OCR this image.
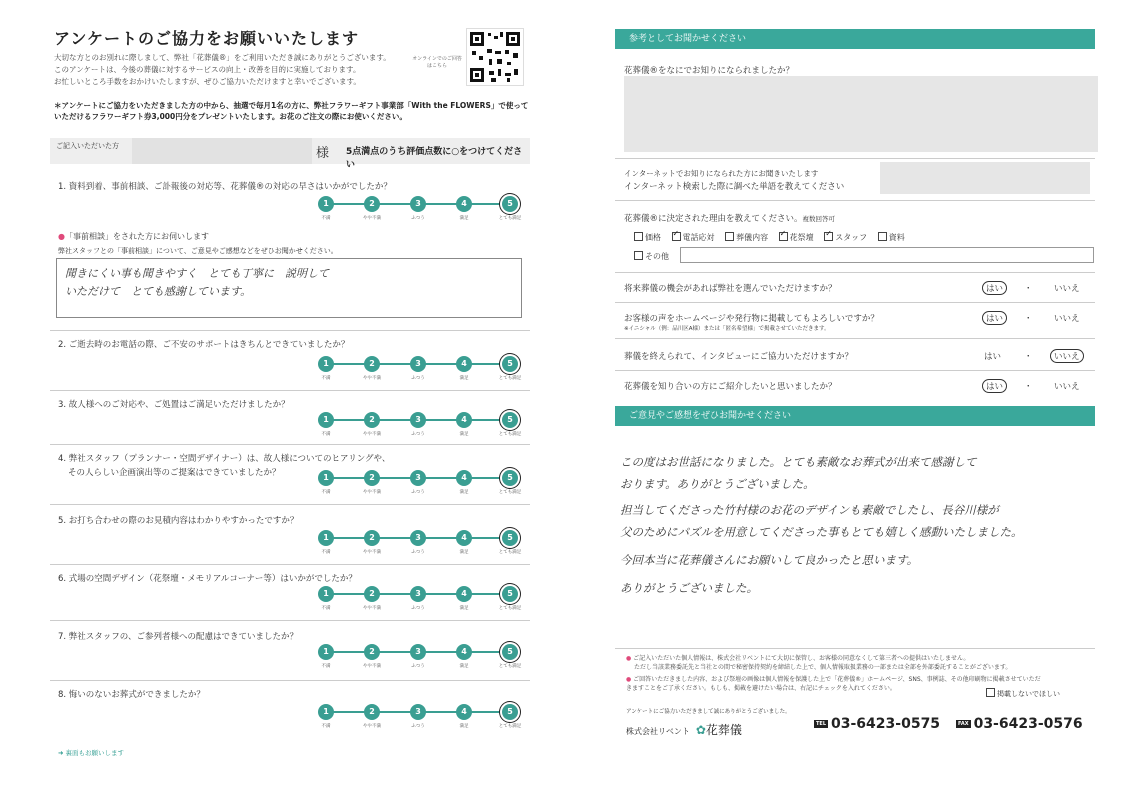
アンケートのご協力をお願いいたします
大切な方とのお別れに際しまして、弊社「花葬儀®」をご利用いただき誠にありがとうございます。
このアンケートは、今後の葬儀に対するサービスの向上・改善を目的に実施しております。
お忙しいところ手数をおかけいたしますが、ぜひご協力いただけますと幸いでございます。
オンラインでのご回答はこちら
＊アンケートにご協力をいただきました方の中から、抽選で毎月1名の方に、弊社フラワーギフト事業部「With the FLOWERS」で使っていただけるフラワーギフト券3,000円分をプレゼントいたします。お花のご注文の際にお使いください。
ご記入いただいた方	様 5点満点のうち評価点数に○をつけてください
1. 資料到着、事前相談、ご訃報後の対応等、花葬儀®の対応の早さはいかがでしたか？
1
不満
2
やや不満
3
ふつう
4
満足
5
とても満足
●「事前相談」をされた方にお伺いします
弊社スタッフとの「事前相談」について、ご意見やご感想などをぜひお聞かせください。
聞きにくい事も聞きやすく　とても丁寧に　説明して
いただけて　とても感謝しています。
2. ご逝去時のお電話の際、ご不安のサポートはきちんとできていましたか？
1
不満
2
やや不満
3
ふつう
4
満足
5
とても満足
3. 故人様へのご対応や、ご処置はご満足いただけましたか？
1
不満
2
やや不満
3
ふつう
4
満足
5
とても満足
4. 弊社スタッフ（プランナー・空間デザイナー）は、故人様についてのヒアリングや、
その人らしい企画演出等のご提案はできていましたか？	1
不満
2
やや不満
3
ふつう
4
満足
5
とても満足
5. お打ち合わせの際のお見積内容はわかりやすかったですか？
1
不満
2
やや不満
3
ふつう
4
満足
5
とても満足
6. 式場の空間デザイン（花祭壇・メモリアルコーナー等）はいかがでしたか？
1
不満
2
やや不満
3
ふつう
4
満足
5
とても満足
7. 弊社スタッフの、ご参列者様への配慮はできていましたか？
1
不満
2
やや不満
3
ふつう
4
満足
5
とても満足
8. 悔いのないお葬式ができましたか？
1
不満
2
やや不満
3
ふつう
4
満足
5
とても満足
➜ 裏面もお願いします
参考としてお聞かせください
花葬儀®をなにでお知りになられましたか？
インターネットでお知りになられた方にお聞きいたします
インターネット検索した際に調べた単語を教えてください
花葬儀®に決定された理由を教えてください。複数回答可
価格 ✓	電話応対	葬儀内容 ✓	花祭壇 ✓	スタッフ	資料
その他
将来葬儀の機会があれば弊社を選んでいただけますか？	はい	・	いいえ
お客様の声をホームページや発行物に掲載してもよろしいですか？
※イニシャル（例：品川区A様）または「匿名希望様」で掲載させていただきます。
はい	・	いいえ
葬儀を終えられて、インタビューにご協力いただけますか？	はい	・	いいえ
花葬儀を知り合いの方にご紹介したいと思いましたか？	はい	・	いいえ
ご意見やご感想をぜひお聞かせください
この度はお世話になりました。とても素敵なお葬式が出来て感謝して
おります。ありがとうございました。
担当してくださった竹村様のお花のデザインも素敵でしたし、長谷川様が
父のためにパズルを用意してくださった事もとても嬉しく感動いたしました。
今回本当に花葬儀さんにお願いして良かったと思います。
ありがとうございました。
● ご記入いただいた個人情報は、株式会社リベントにて大切に保管し、お客様の同意なくして第三者への提供はいたしません。
ただし当該業務委託先と当社との間で秘密保持契約を締結した上で、個人情報取扱業務の一部または全部を外部委託することがございます。
● ご回答いただきました内容、および祭壇の画像は個人情報を保護した上で「花葬儀®」ホームページ、SNS、事例誌、その他印刷物に掲載させていただきますことをご了承ください。もしも、掲載を避けたい場合は、右記にチェックを入れてください。
掲載しないでほしい
アンケートにご協力いただきまして誠にありがとうございました。
株式会社リベント ✿花葬儀	TEL 03-6423-0575	FAX 03-6423-0576
